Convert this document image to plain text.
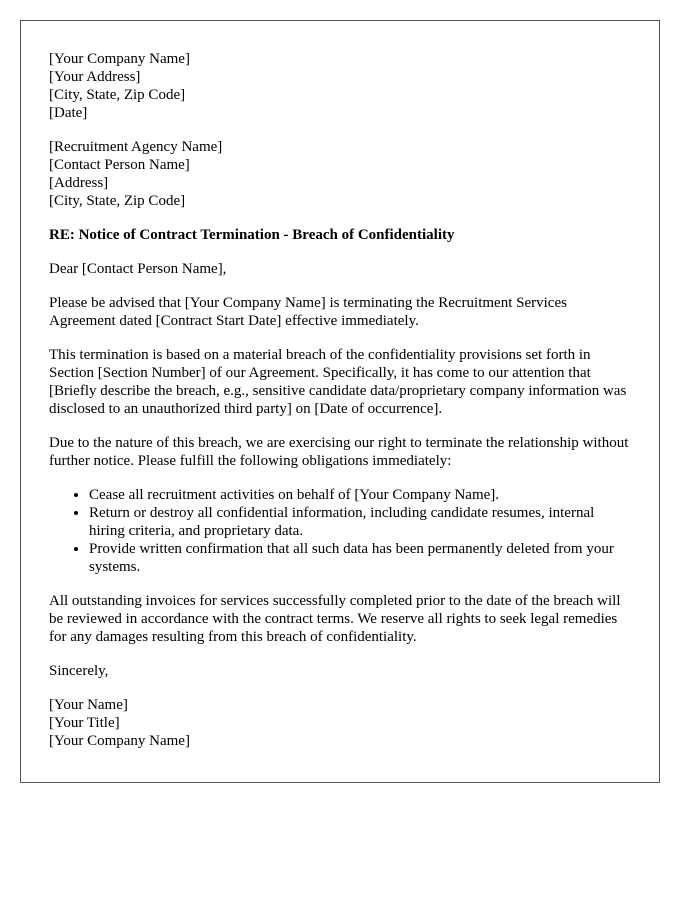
[Your Company Name]
[Your Address]
[City, State, Zip Code]
[Date]
[Recruitment Agency Name]
[Contact Person Name]
[Address]
[City, State, Zip Code]
RE: Notice of Contract Termination - Breach of Confidentiality

Dear [Contact Person Name],

Please be advised that [Your Company Name] is terminating the Recruitment Services Agreement dated [Contract Start Date] effective immediately.

This termination is based on a material breach of the confidentiality provisions set forth in Section [Section Number] of our Agreement. Specifically, it has come to our attention that [Briefly describe the breach, e.g., sensitive candidate data/proprietary company information was disclosed to an unauthorized third party] on [Date of occurrence].

Due to the nature of this breach, we are exercising our right to terminate the relationship without further notice. Please fulfill the following obligations immediately:

• Cease all recruitment activities on behalf of [Your Company Name].
• Return or destroy all confidential information, including candidate resumes, internal hiring criteria, and proprietary data.
• Provide written confirmation that all such data has been permanently deleted from your systems.

All outstanding invoices for services successfully completed prior to the date of the breach will be reviewed in accordance with the contract terms. We reserve all rights to seek legal remedies for any damages resulting from this breach of confidentiality.

Sincerely,

[Your Name]
[Your Title]
[Your Company Name]
